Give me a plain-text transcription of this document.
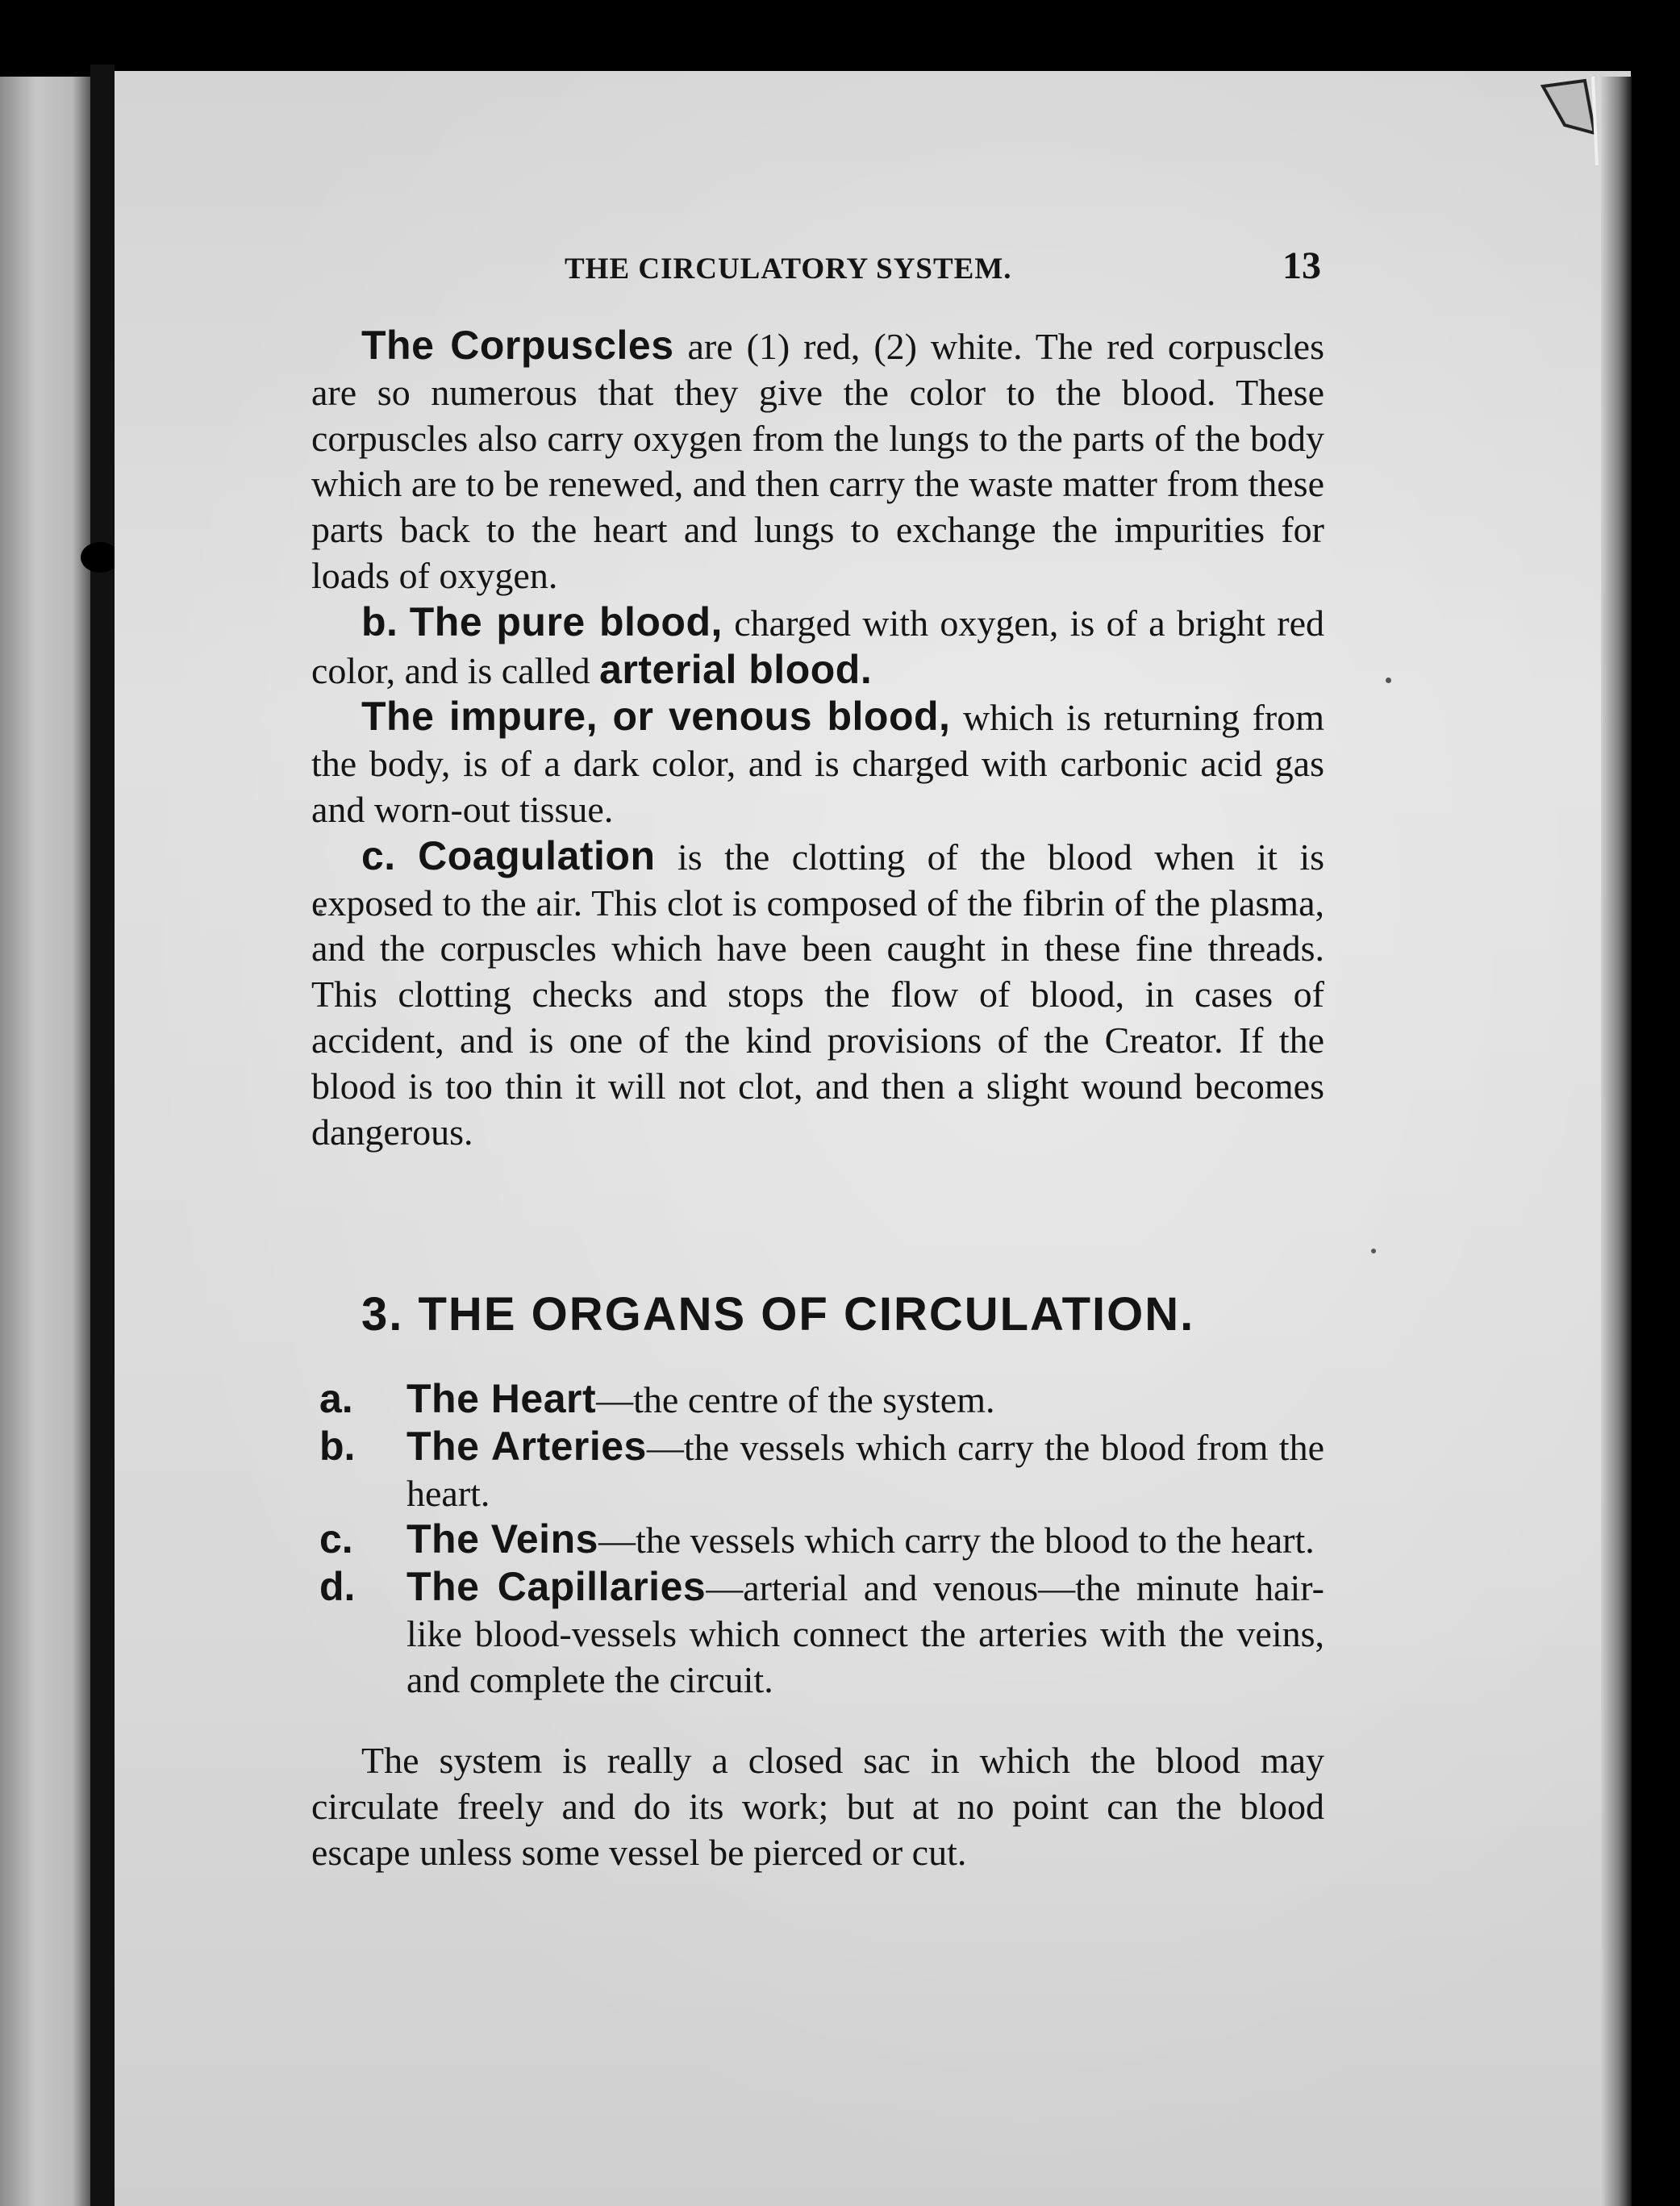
THE CIRCULATORY SYSTEM.	13

The Corpuscles are (1) red, (2) white. The red corpuscles are so numerous that they give the color to the blood. These corpuscles also carry oxygen from the lungs to the parts of the body which are to be renewed, and then carry the waste matter from these parts back to the heart and lungs to exchange the impurities for loads of oxygen.

b. The pure blood, charged with oxygen, is of a bright red color, and is called arterial blood.

The impure, or venous blood, which is returning from the body, is of a dark color, and is charged with carbonic acid gas and worn-out tissue.

c. Coagulation is the clotting of the blood when it is exposed to the air. This clot is composed of the fibrin of the plasma, and the corpuscles which have been caught in these fine threads. This clotting checks and stops the flow of blood, in cases of accident, and is one of the kind provisions of the Creator. If the blood is too thin it will not clot, and then a slight wound becomes dangerous.

3. THE ORGANS OF CIRCULATION.
a. The Heart—the centre of the system.
b. The Arteries—the vessels which carry the blood from the heart.
c. The Veins—the vessels which carry the blood to the heart.
d. The Capillaries—arterial and venous—the minute hair-like blood-vessels which connect the arteries with the veins, and complete the circuit.

The system is really a closed sac in which the blood may circulate freely and do its work; but at no point can the blood escape unless some vessel be pierced or cut.
